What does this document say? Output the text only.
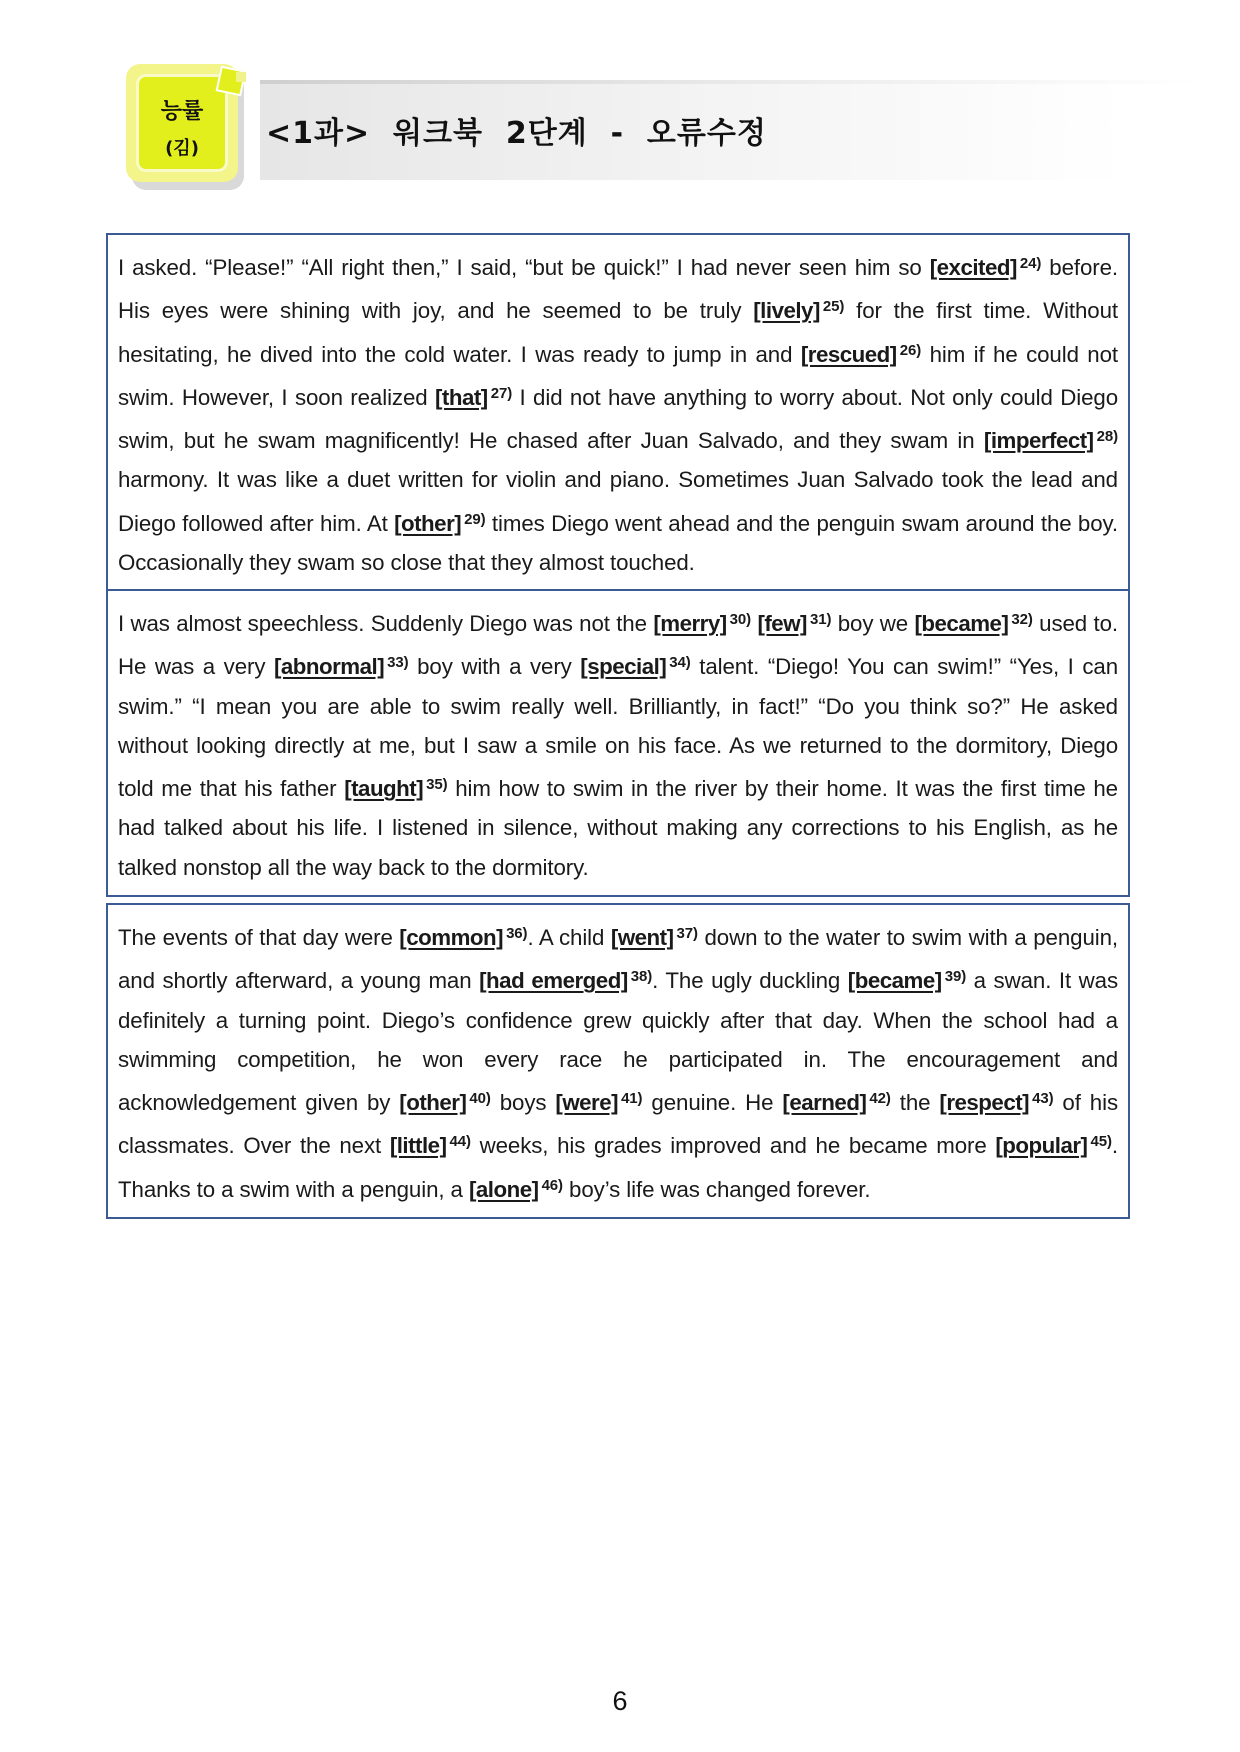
능률
(김)	<1과>  워크북  2단계  -  오류수정

I asked. “Please!” “All right then,” I said, “but be quick!” I had never seen him so [excited] $^{24)}$ before. His eyes were shining with joy, and he seemed to be truly [lively] $^{25)}$ for the first time. Without hesitating, he dived into the cold water. I was ready to jump in and [rescued] $^{26)}$ him if he could not swim. However, I soon realized [that] $^{27)}$ I did not have anything to worry about. Not only could Diego swim, but he swam magnificently! He chased after Juan Salvado, and they swam in [imperfect] $^{28)}$ harmony. It was like a duet written for violin and piano. Sometimes Juan Salvado took the lead and Diego followed after him. At [other] $^{29)}$ times Diego went ahead and the penguin swam around the boy. Occasionally they swam so close that they almost touched.

I was almost speechless. Suddenly Diego was not the [merry] $^{30)}$ [few] $^{31)}$ boy we [became] $^{32)}$ used to. He was a very [abnormal] $^{33)}$ boy with a very [special] $^{34)}$ talent. “Diego! You can swim!” “Yes, I can swim.” “I mean you are able to swim really well. Brilliantly, in fact!” “Do you think so?” He asked without looking directly at me, but I saw a smile on his face. As we returned to the dormitory, Diego told me that his father [taught] $^{35)}$ him how to swim in the river by their home. It was the first time he had talked about his life. I listened in silence, without making any corrections to his English, as he talked nonstop all the way back to the dormitory.

The events of that day were [common] $^{36)}$. A child [went] $^{37)}$ down to the water to swim with a penguin, and shortly afterward, a young man [had emerged] $^{38)}$. The ugly duckling [became] $^{39)}$ a swan. It was definitely a turning point. Diego’s confidence grew quickly after that day. When the school had a swimming competition, he won every race he participated in. The encouragement and acknowledgement given by [other] $^{40)}$ boys [were] $^{41)}$ genuine. He [earned] $^{42)}$ the [respect] $^{43)}$ of his classmates. Over the next [little] $^{44)}$ weeks, his grades improved and he became more [popular] $^{45)}$. Thanks to a swim with a penguin, a [alone] $^{46)}$ boy’s life was changed forever.

6
